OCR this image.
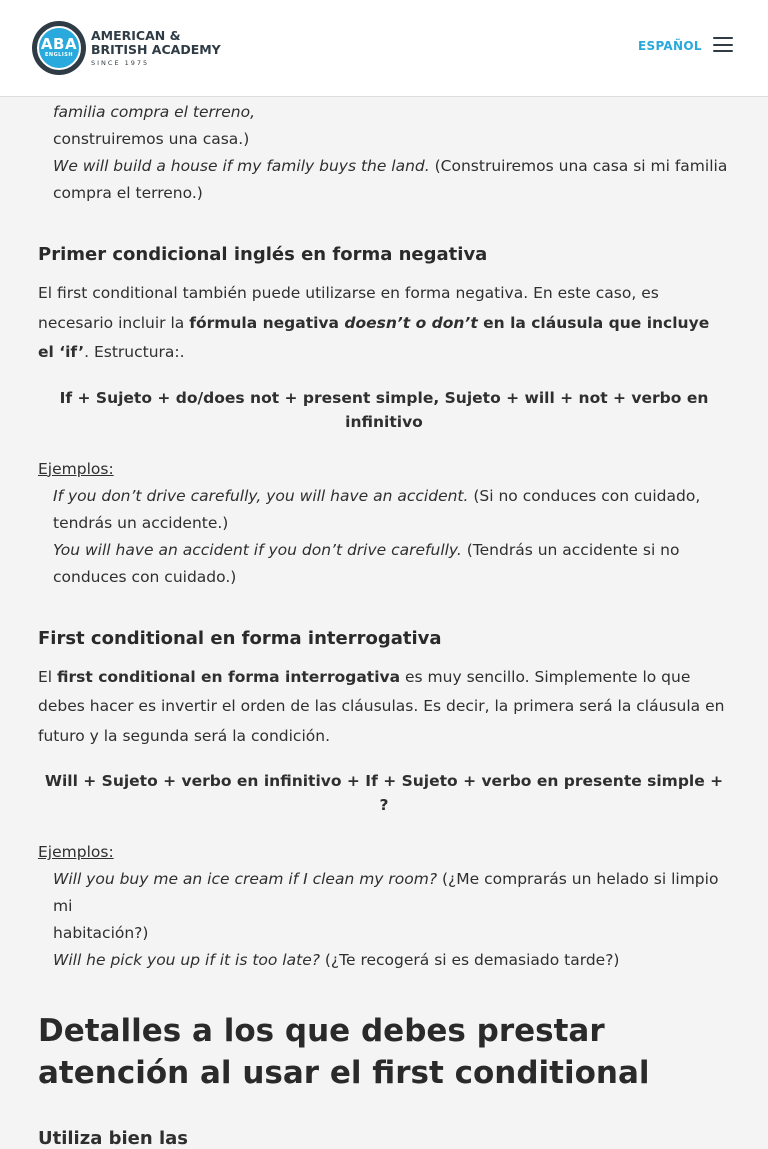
familia compra el terreno,
construiremos una casa.)
We will build a house if my family buys the land. (Construiremos una casa si mi familia
compra el terreno.)
Primer condicional inglés en forma negativa

El first conditional también puede utilizarse en forma negativa. En este caso, es necesario incluir la fórmula negativa doesn’t o don’t en la cláusula que incluye el ‘if’. Estructura:.

If + Sujeto + do/does not + present simple, Sujeto + will + not + verbo en infinitivo
Ejemplos:
If you don’t drive carefully, you will have an accident. (Si no conduces con cuidado,
tendrás un accidente.)
You will have an accident if you don’t drive carefully. (Tendrás un accidente si no
conduces con cuidado.)
First conditional en forma interrogativa

El first conditional en forma interrogativa es muy sencillo. Simplemente lo que debes hacer es invertir el orden de las cláusulas. Es decir, la primera será la cláusula en futuro y la segunda será la condición.

Will + Sujeto + verbo en infinitivo + If + Sujeto + verbo en presente simple + ?
Ejemplos:
Will you buy me an ice cream if I clean my room? (¿Me comprarás un helado si limpio mi
habitación?)
Will he pick you up if it is too late? (¿Te recogerá si es demasiado tarde?)
Detalles a los que debes prestar atención al usar el first conditional
Utiliza bien las
ABA
ENGLISH
AMERICAN &
BRITISH ACADEMY
SINCE 1975
ESPAÑOL
